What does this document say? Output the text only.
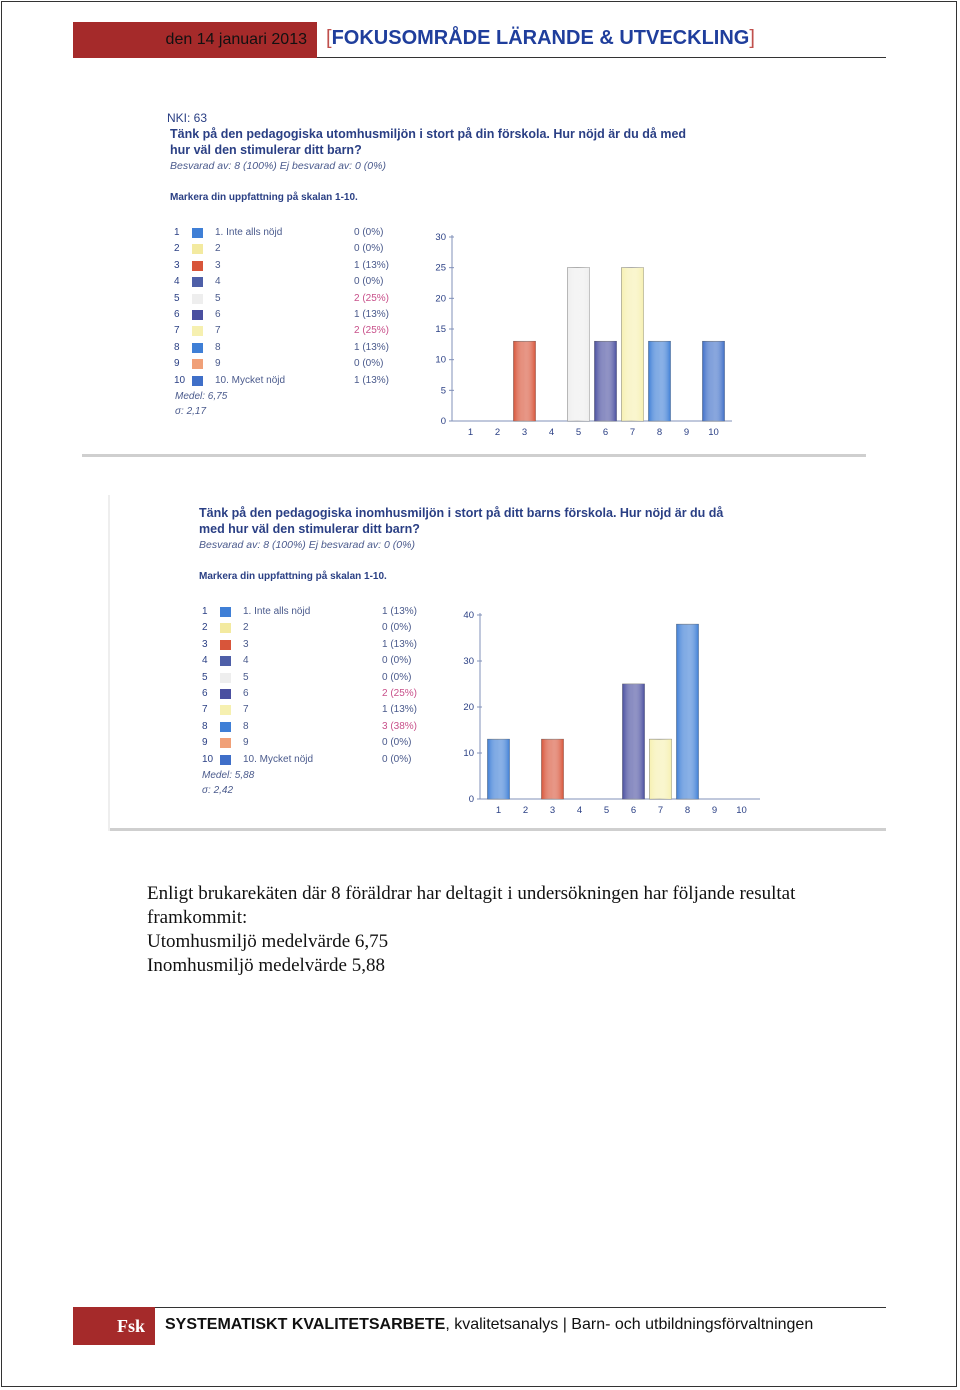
den 14 januari 2013 [FOKUSOMRÅDE LÄRANDE & UTVECKLING]
NKI: 63
Tänk på den pedagogiska utomhusmiljön i stort på din förskola. Hur nöjd är du då med
hur väl den stimulerar ditt barn?
Besvarad av: 8 (100%) Ej besvarad av: 0 (0%)
Markera din uppfattning på skalan 1-10.
1	1. Inte alls nöjd	0 (0%)
2	2	0 (0%)
3	3	1 (13%)
4	4	0 (0%)
5	5	2 (25%)
6	6	1 (13%)
7	7	2 (25%)
8	8	1 (13%)
9	9	0 (0%)
10	10. Mycket nöjd	1 (13%)
Medel: 6,75
σ: 2,17
0
5
10
15
20
25
30
1 2 3 4 5 6 7 8 9 10
Tänk på den pedagogiska inomhusmiljön i stort på ditt barns förskola. Hur nöjd är du då
med hur väl den stimulerar ditt barn?
Besvarad av: 8 (100%) Ej besvarad av: 0 (0%)
Markera din uppfattning på skalan 1-10.
1	1. Inte alls nöjd	1 (13%)
2	2	0 (0%)
3	3	1 (13%)
4	4	0 (0%)
5	5	0 (0%)
6	6	2 (25%)
7	7	1 (13%)
8	8	3 (38%)
9	9	0 (0%)
10	10. Mycket nöjd	0 (0%)
Medel: 5,88
σ: 2,42
0
10
20
30
40
1 2 3 4 5 6 7 8 9 10
Enligt brukarekäten där 8 föräldrar har deltagit i undersökningen har följande resultat
framkommit:
Utomhusmiljö medelvärde 6,75
Inomhusmiljö medelvärde 5,88
Fsk	SYSTEMATISKT KVALITETSARBETE, kvalitetsanalys | Barn- och utbildningsförvaltningen
